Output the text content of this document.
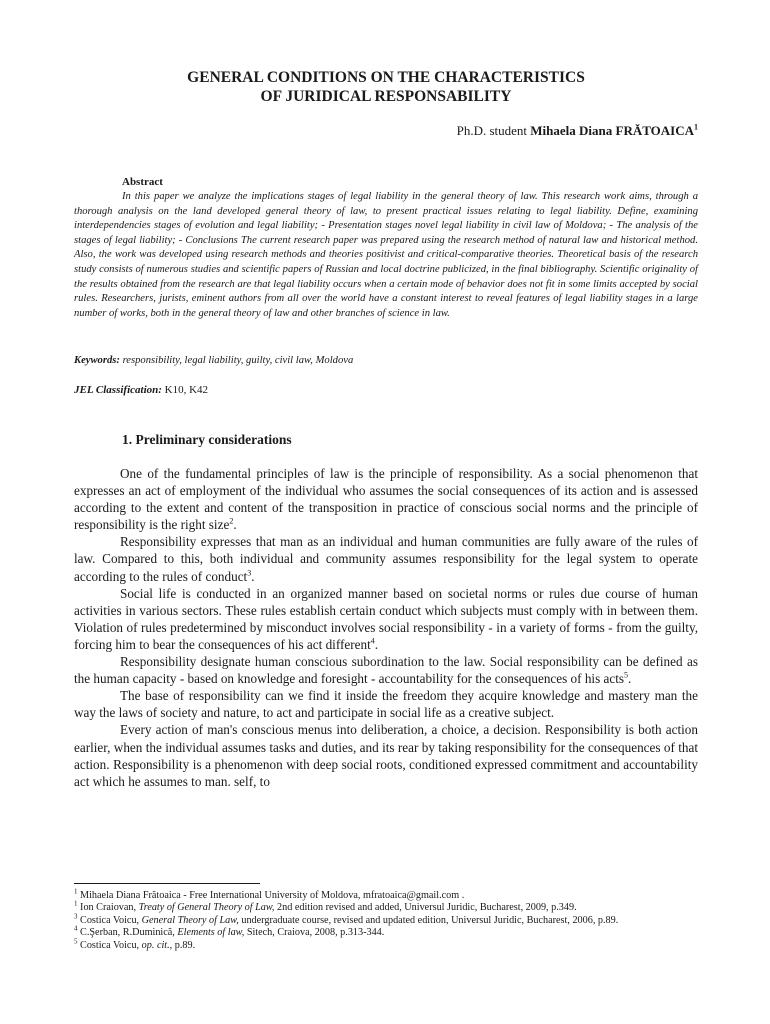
GENERAL CONDITIONS ON THE CHARACTERISTICS
OF JURIDICAL RESPONSABILITY
Ph.D. student Mihaela Diana FRĂTOAICA$^1$
Abstract
In this paper we analyze the implications stages of legal liability in the general theory of law. This research work aims, through a thorough analysis on the land developed general theory of law, to present practical issues relating to legal liability. Define, examining interdependencies stages of evolution and legal liability; - Presentation stages novel legal liability in civil law of Moldova; - The analysis of the stages of legal liability; - Conclusions The current research paper was prepared using the research method of natural law and historical method. Also, the work was developed using research methods and theories positivist and critical-comparative theories. Theoretical basis of the research study consists of numerous studies and scientific papers of Russian and local doctrine publicized, in the final bibliography. Scientific originality of the results obtained from the research are that legal liability occurs when a certain mode of behavior does not fit in some limits accepted by social rules. Researchers, jurists, eminent authors from all over the world have a constant interest to reveal features of legal liability stages in a large number of works, both in the general theory of law and other branches of science in law.
Keywords: responsibility, legal liability, guilty, civil law, Moldova
JEL Classification: K10, K42
1. Preliminary considerations

One of the fundamental principles of law is the principle of responsibility. As a social phenomenon that expresses an act of employment of the individual who assumes the social consequences of its action and is assessed according to the extent and content of the transposition in practice of conscious social norms and the principle of responsibility is the right size$^2$.

Responsibility expresses that man as an individual and human communities are fully aware of the rules of law. Compared to this, both individual and community assumes responsibility for the legal system to operate according to the rules of conduct$^3$.

Social life is conducted in an organized manner based on societal norms or rules due course of human activities in various sectors. These rules establish certain conduct which subjects must comply with in between them. Violation of rules predetermined by misconduct involves social responsibility - in a variety of forms - from the guilty, forcing him to bear the consequences of his act different$^4$.

Responsibility designate human conscious subordination to the law. Social responsibility can be defined as the human capacity - based on knowledge and foresight - accountability for the consequences of his acts$^5$.

The base of responsibility can we find it inside the freedom they acquire knowledge and mastery man the way the laws of society and nature, to act and participate in social life as a creative subject.

Every action of man's conscious menus into deliberation, a choice, a decision. Responsibility is both action earlier, when the individual assumes tasks and duties, and its rear by taking responsibility for the consequences of that action. Responsibility is a phenomenon with deep social roots, conditioned expressed commitment and accountability act which he assumes to man. self, to

$^1$ Mihaela Diana Frătoaica - Free International University of Moldova, mfratoaica@gmail.com .
$^1$ Ion Craiovan, Treaty of General Theory of Law, 2nd edition revised and added, Universul Juridic, Bucharest, 2009, p.349.
$^3$ Costica Voicu, General Theory of Law, undergraduate course, revised and updated edition, Universul Juridic, Bucharest, 2006, p.89.
$^4$ C.Şerban, R.Duminică, Elements of law, Sitech, Craiova, 2008, p.313-344.
$^5$ Costica Voicu, op. cit., p.89.
